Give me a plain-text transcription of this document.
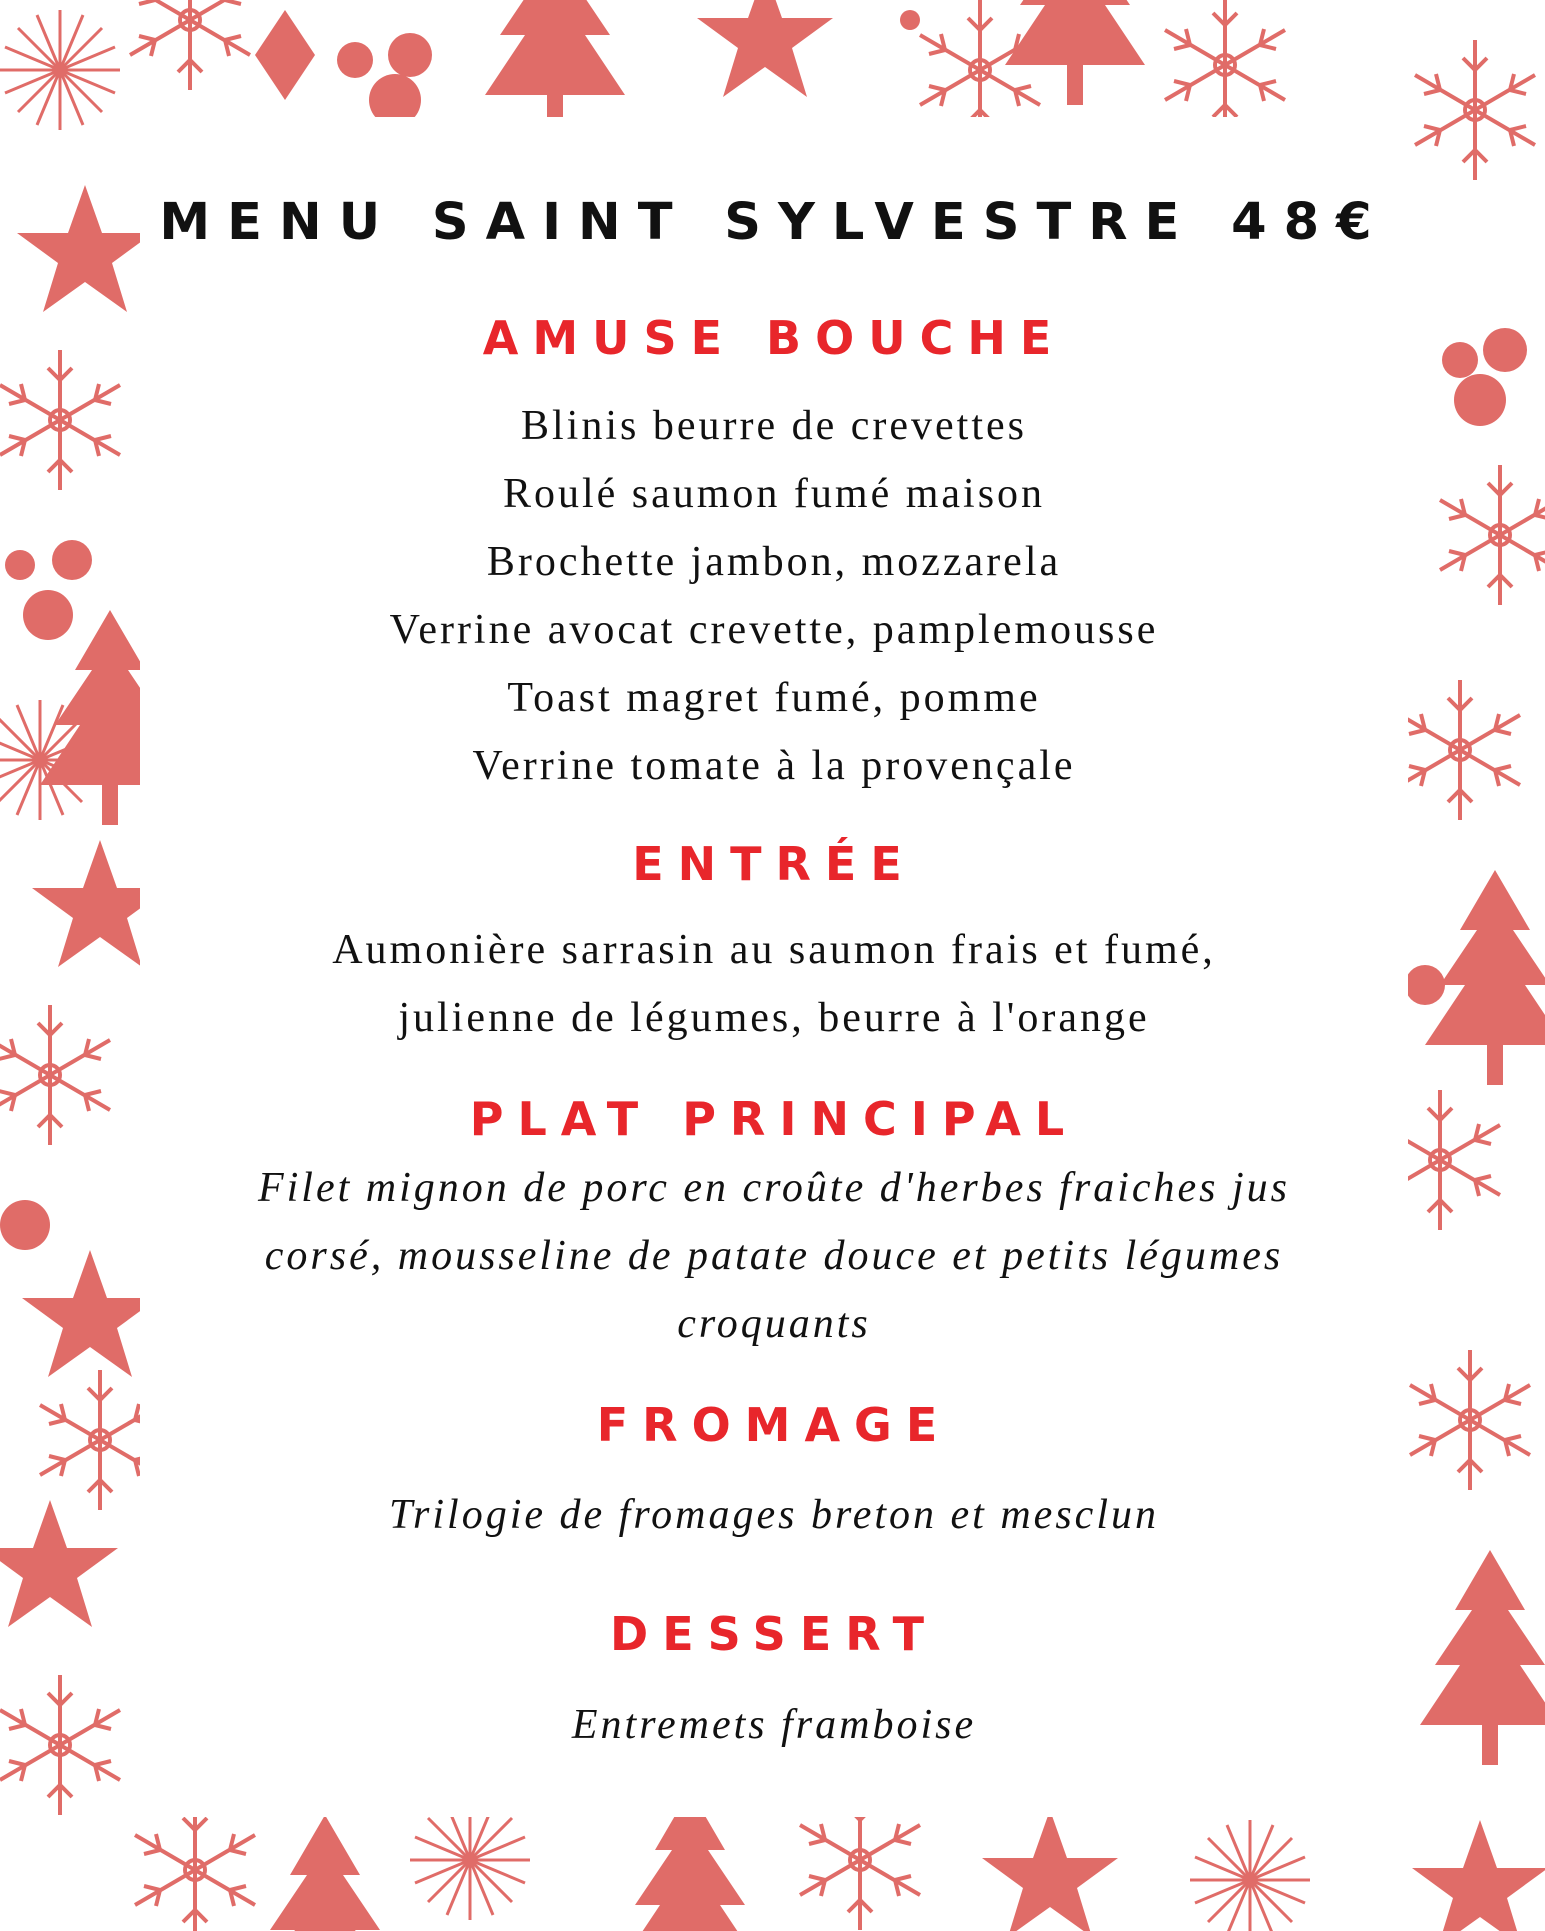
MENU SAINT SYLVESTRE 48€
AMUSE BOUCHE
Blinis beurre de crevettes
Roulé saumon fumé maison
Brochette jambon, mozzarela
Verrine avocat crevette, pamplemousse
Toast magret fumé, pomme
Verrine tomate à la provençale
ENTRÉE
Aumonière sarrasin au saumon frais et fumé,
julienne de légumes, beurre à l'orange
PLAT PRINCIPAL
Filet mignon de porc en croûte d'herbes fraiches jus
corsé, mousseline de patate douce et petits légumes
croquants
FROMAGE

Trilogie de fromages breton et mesclun

DESSERT

Entremets framboise
